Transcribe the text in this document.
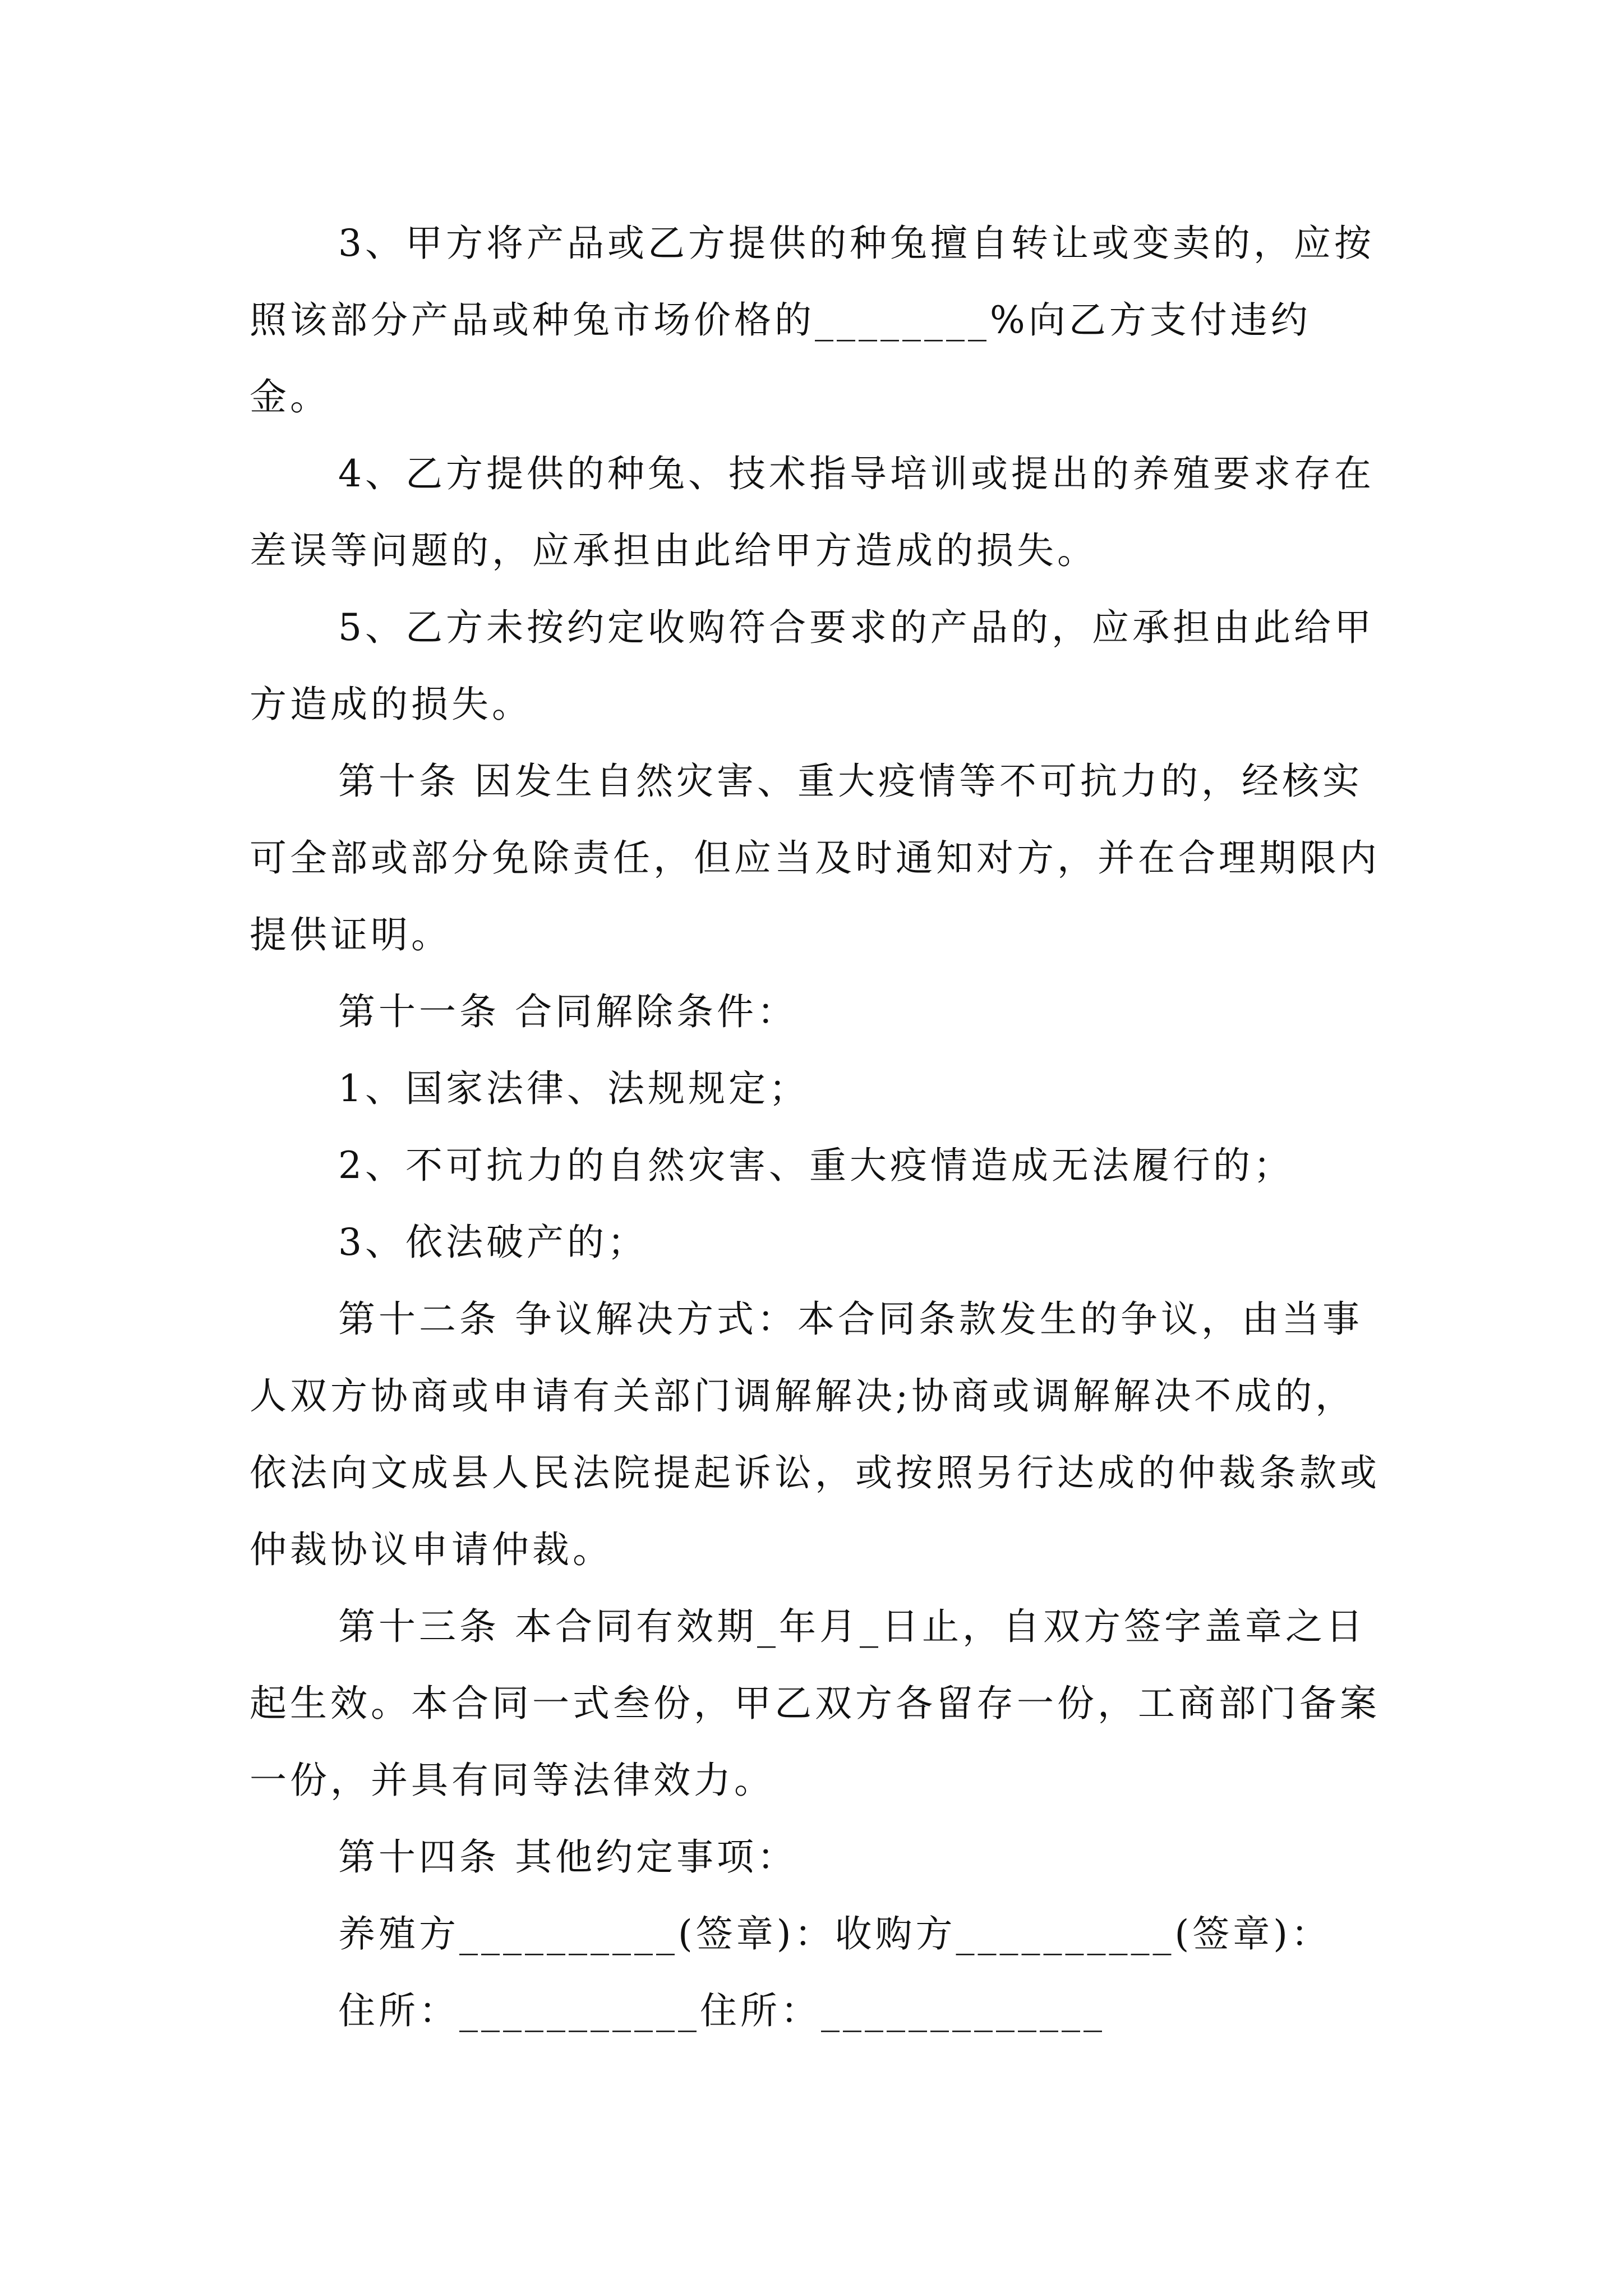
3、甲方将产品或乙方提供的种兔擅自转让或变卖的，应按照该部分产品或种兔市场价格的________%向乙方支付违约金。

4、乙方提供的种兔、技术指导培训或提出的养殖要求存在差误等问题的，应承担由此给甲方造成的损失。

5、乙方未按约定收购符合要求的产品的，应承担由此给甲方造成的损失。

第十条 因发生自然灾害、重大疫情等不可抗力的，经核实可全部或部分免除责任，但应当及时通知对方，并在合理期限内提供证明。

第十一条 合同解除条件：

1、国家法律、法规规定；

2、不可抗力的自然灾害、重大疫情造成无法履行的；

3、依法破产的；

第十二条 争议解决方式：本合同条款发生的争议，由当事人双方协商或申请有关部门调解解决;协商或调解解决不成的，依法向文成县人民法院提起诉讼，或按照另行达成的仲裁条款或仲裁协议申请仲裁。

第十三条 本合同有效期_年月_日止，自双方签字盖章之日起生效。本合同一式叁份，甲乙双方各留存一份，工商部门备案一份，并具有同等法律效力。

第十四条 其他约定事项：

养殖方__________(签章)：收购方__________(签章)：

住所：___________住所：_____________
